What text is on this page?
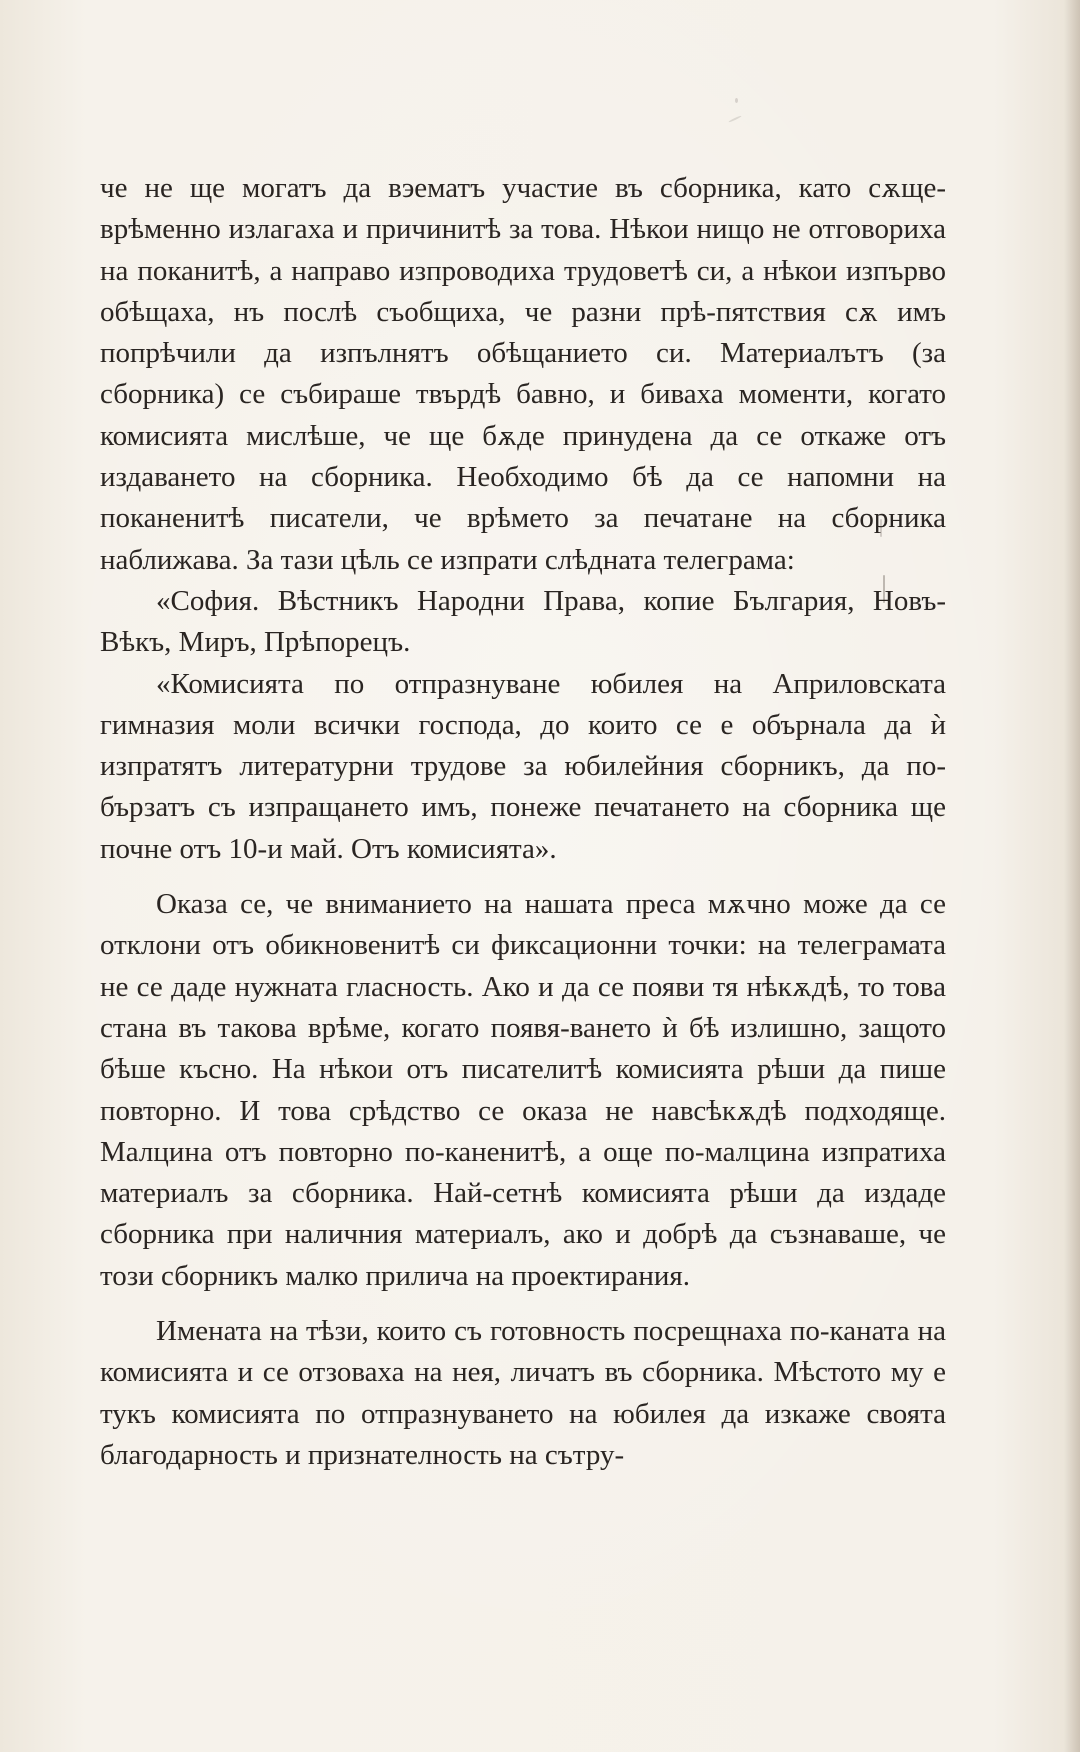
че не ще могатъ да вэематъ участие въ сборника, като сѫще-врѣменно излагаха и причинитѣ за това. Нѣкои нищо не отговориха на поканитѣ, а направо изпроводиха трудоветѣ си, а нѣкои изпърво обѣщаха, нъ послѣ съобщиха, че разни прѣ-пятствия сѫ имъ попрѣчили да изпълнятъ обѣщанието си. Материалътъ (за сборника) се събираше твърдѣ бавно, и биваха моменти, когато комисията мислѣше, че ще бѫде принудена да се откаже отъ издаването на сборника. Необходимо бѣ да се напомни на поканенитѣ писатели, че врѣмето за печатане на сборника наближава. За тази цѣль се изпрати слѣдната телеграма:

«София. Вѣстникъ Народни Права, копие България, Новъ-Вѣкъ, Миръ, Прѣпорецъ.

«Комисията по отпразнуване юбилея на Априловската гимназия моли всички господа, до които се е обърнала да ѝ изпратятъ литературни трудове за юбилейния сборникъ, да по-бързатъ съ изпращането имъ, понеже печатането на сборника ще почне отъ 10-и май. Отъ комисията».

Оказа се, че вниманието на нашата преса мѫчно може да се отклони отъ обикновенитѣ си фиксационни точки: на телеграмата не се даде нужната гласность. Ако и да се появи тя нѣкѫдѣ, то това стана въ такова врѣме, когато появя-ването ѝ бѣ излишно, защото бѣше късно. На нѣкои отъ писателитѣ комисията рѣши да пише повторно. И това срѣдство се оказа не навсѣкѫдѣ подходяще. Малцина отъ повторно по-каненитѣ, а още по-малцина изпратиха материалъ за сборника. Най-сетнѣ комисията рѣши да издаде сборника при наличния материалъ, ако и добрѣ да съзнаваше, че този сборникъ малко прилича на проектирания.

Имената на тѣзи, които съ готовность посрещнаха по-каната на комисията и се отзоваха на нея, личатъ въ сборника. Мѣстото му е тукъ комисията по отпразнуването на юбилея да изкаже своята благодарность и признателность на сътру-
